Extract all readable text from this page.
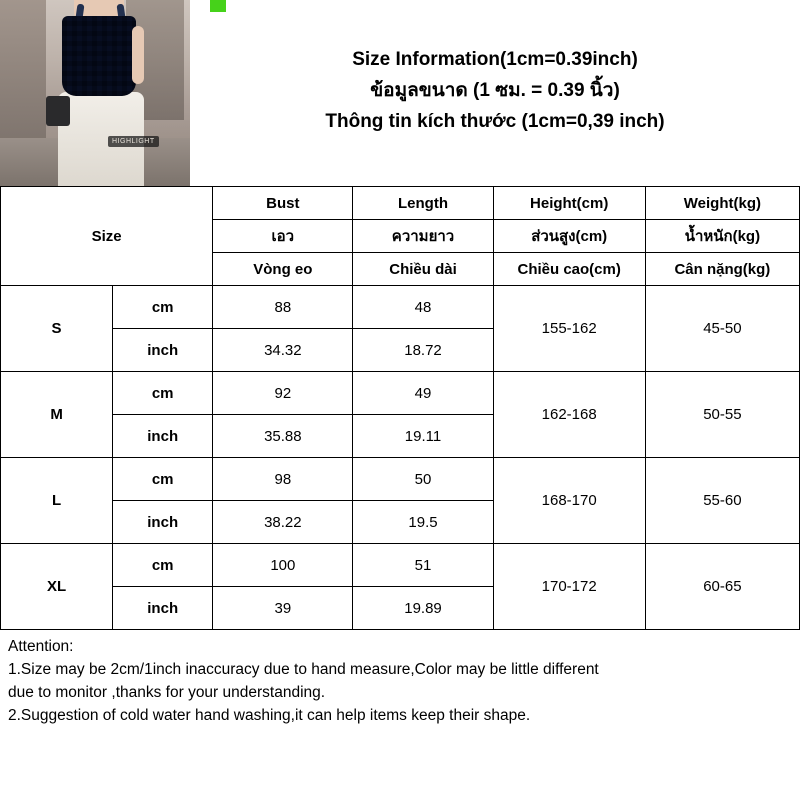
HIGHLIGHT
Size Information(1cm=0.39inch)
ข้อมูลขนาด (1 ซม. = 0.39 นิ้ว)
Thông tin kích thước (1cm=0,39 inch)
Size		Bust	Length	Height(cm)	Weight(kg)
		เอว	ความยาว	ส่วนสูง(cm)	น้ำหนัก(kg)
		Vòng eo	Chiều dài	Chiều cao(cm)	Cân nặng(kg)
S	cm	88	48	155-162	45-50
	inch	34.32	18.72		
M	cm	92	49	162-168	50-55
	inch	35.88	19.11		
L	cm	98	50	168-170	55-60
	inch	38.22	19.5		
XL	cm	100	51	170-172	60-65
	inch	39	19.89		

Attention:

1.Size may be 2cm/1inch inaccuracy due to hand measure,Color may be little different

due to monitor ,thanks for your understanding.

2.Suggestion of cold water hand washing,it can help items keep their shape.
